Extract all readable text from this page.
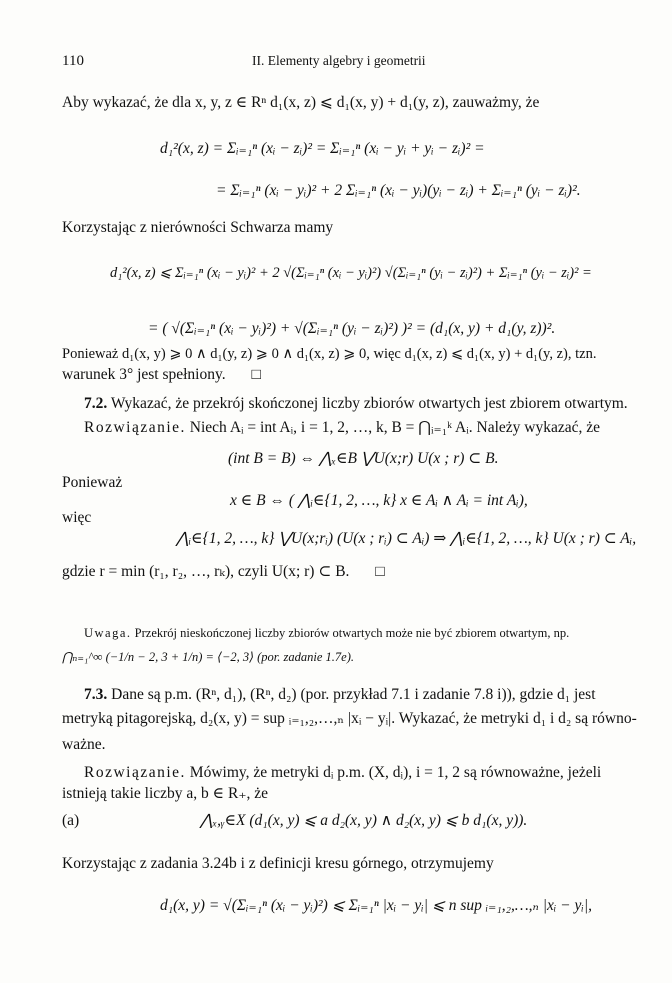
110	II. Elementy algebry i geometrii
Aby wykazać, że dla x, y, z ∈ Rⁿ d₁(x, z) ⩽ d₁(x, y) + d₁(y, z), zauważmy, że
d₁²(x, z) = Σᵢ₌₁ⁿ (xᵢ − zᵢ)² = Σᵢ₌₁ⁿ (xᵢ − yᵢ + yᵢ − zᵢ)² =
= Σᵢ₌₁ⁿ (xᵢ − yᵢ)² + 2 Σᵢ₌₁ⁿ (xᵢ − yᵢ)(yᵢ − zᵢ) + Σᵢ₌₁ⁿ (yᵢ − zᵢ)².
Korzystając z nierówności Schwarza mamy
d₁²(x, z) ⩽ Σᵢ₌₁ⁿ (xᵢ − yᵢ)² + 2 √(Σᵢ₌₁ⁿ (xᵢ − yᵢ)²) √(Σᵢ₌₁ⁿ (yᵢ − zᵢ)²) + Σᵢ₌₁ⁿ (yᵢ − zᵢ)² =
= ( √(Σᵢ₌₁ⁿ (xᵢ − yᵢ)²) + √(Σᵢ₌₁ⁿ (yᵢ − zᵢ)²) )² = (d₁(x, y) + d₁(y, z))².
Ponieważ d₁(x, y) ⩾ 0 ∧ d₁(y, z) ⩾ 0 ∧ d₁(x, z) ⩾ 0, więc d₁(x, z) ⩽ d₁(x, y) + d₁(y, z), tzn.
warunek 3° jest spełniony. □
7.2. Wykazać, że przekrój skończonej liczby zbiorów otwartych jest zbiorem otwartym.
Rozwiązanie. Niech Aᵢ = int Aᵢ, i = 1, 2, …, k, B = ⋂ᵢ₌₁ᵏ Aᵢ. Należy wykazać, że
(int B = B) ⇔ ⋀ₓ∈B ⋁U(x;r) U(x ; r) ⊂ B.
Ponieważ
x ∈ B ⇔ ( ⋀ᵢ∈{1, 2, …, k} x ∈ Aᵢ ∧ Aᵢ = int Aᵢ),
więc
⋀ᵢ∈{1, 2, …, k} ⋁U(x;rᵢ) (U(x ; rᵢ) ⊂ Aᵢ) ⇒ ⋀ᵢ∈{1, 2, …, k} U(x ; r) ⊂ Aᵢ,
gdzie r = min (r₁, r₂, …, rₖ), czyli U(x; r) ⊂ B. □
Uwaga. Przekrój nieskończonej liczby zbiorów otwartych może nie być zbiorem otwartym, np.
⋂ₙ₌₁^∞ (−1/n − 2, 3 + 1/n) = ⟨−2, 3⟩ (por. zadanie 1.7e).
7.3. Dane są p.m. (Rⁿ, d₁), (Rⁿ, d₂) (por. przykład 7.1 i zadanie 7.8 i)), gdzie d₁ jest
metryką pitagorejską, d₂(x, y) = sup ᵢ₌₁,₂,…,ₙ |xᵢ − yᵢ|. Wykazać, że metryki d₁ i d₂ są równo-
ważne.
Rozwiązanie. Mówimy, że metryki dᵢ p.m. (X, dᵢ), i = 1, 2 są równoważne, jeżeli
istnieją takie liczby a, b ∈ R₊, że
(a)	⋀ₓ,ᵧ∈X (d₁(x, y) ⩽ a d₂(x, y) ∧ d₂(x, y) ⩽ b d₁(x, y)).
Korzystając z zadania 3.24b i z definicji kresu górnego, otrzymujemy
d₁(x, y) = √(Σᵢ₌₁ⁿ (xᵢ − yᵢ)²) ⩽ Σᵢ₌₁ⁿ |xᵢ − yᵢ| ⩽ n sup ᵢ₌₁,₂,…,ₙ |xᵢ − yᵢ|,
